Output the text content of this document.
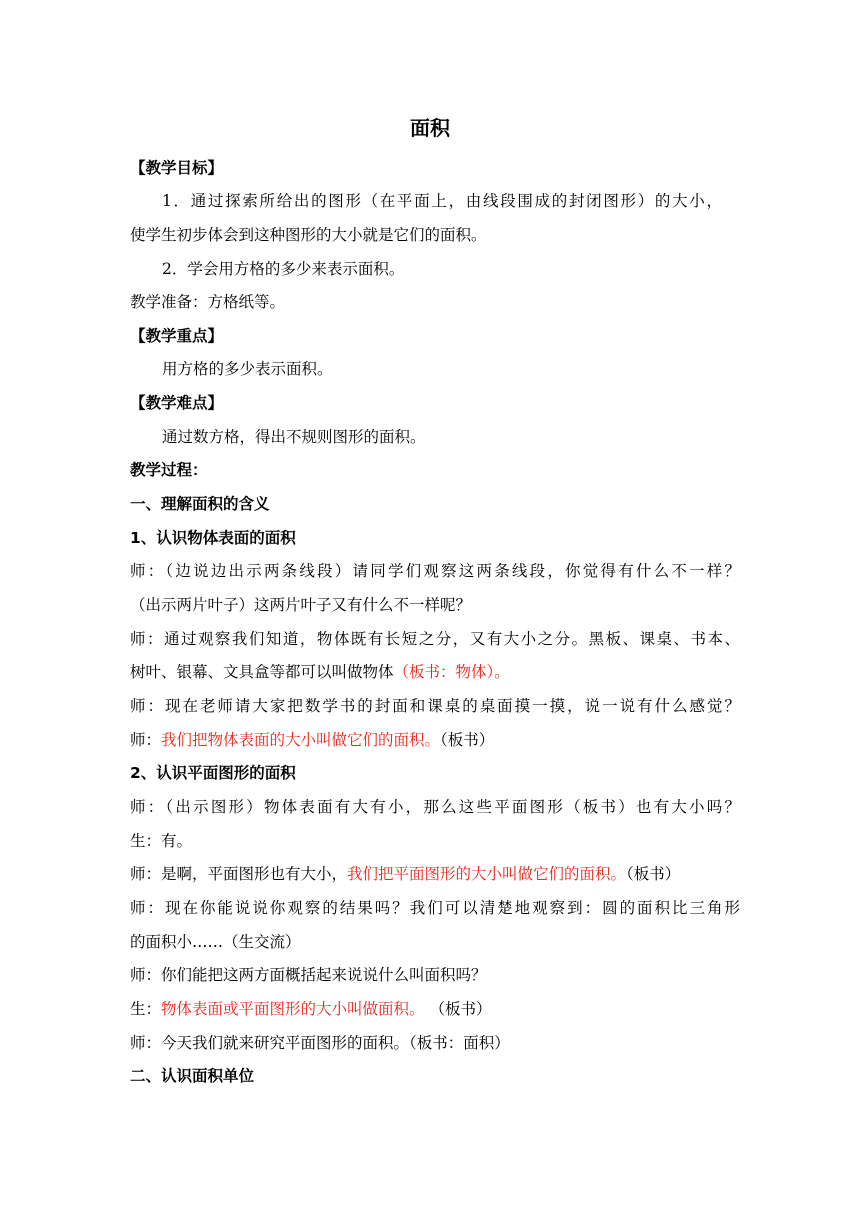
面积
【教学目标】
1．通过探索所给出的图形（在平面上，由线段围成的封闭图形）的大小，
使学生初步体会到这种图形的大小就是它们的面积。
2．学会用方格的多少来表示面积。
教学准备：方格纸等。
【教学重点】
用方格的多少表示面积。
【教学难点】
通过数方格，得出不规则图形的面积。
教学过程：
一、理解面积的含义
1、认识物体表面的面积
师：（边说边出示两条线段）请同学们观察这两条线段，你觉得有什么不一样？
（出示两片叶子）这两片叶子又有什么不一样呢？
师：通过观察我们知道，物体既有长短之分，又有大小之分。黑板、课桌、书本、
树叶、银幕、文具盒等都可以叫做物体（板书：物体）。
师：现在老师请大家把数学书的封面和课桌的桌面摸一摸，说一说有什么感觉？
师：我们把物体表面的大小叫做它们的面积。（板书）
2、认识平面图形的面积
师：（出示图形）物体表面有大有小，那么这些平面图形（板书）也有大小吗？
生：有。
师：是啊，平面图形也有大小，我们把平面图形的大小叫做它们的面积。（板书）
师：现在你能说说你观察的结果吗？我们可以清楚地观察到：圆的面积比三角形
的面积小……（生交流）
师：你们能把这两方面概括起来说说什么叫面积吗？
生：物体表面或平面图形的大小叫做面积。 （板书）
师：今天我们就来研究平面图形的面积。（板书：面积）
二、认识面积单位
